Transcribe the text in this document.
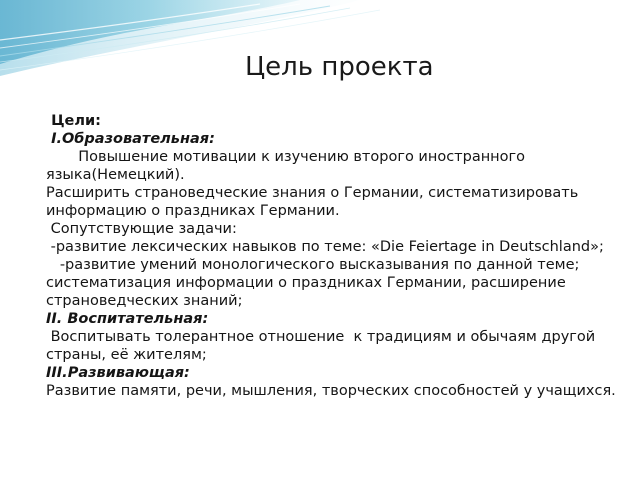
Цель проекта

Цели:

I.Образовательная:

Повышение мотивации к изучению второго иностранного языка(Немецкий).

Расширить страноведческие знания о Германии, систематизировать информацию о праздниках Германии.

Сопутствующие задачи:

-развитие лексических навыков по теме: «Die Feiertage in Deutschland»;

-развитие умений монологического высказывания по данной теме; систематизация информации о праздниках Германии, расширение страноведческих знаний;

II. Воспитательная:

Воспитывать толерантное отношение  к традициям и обычаям другой страны, её жителям;

III.Развивающая:

Развитие памяти, речи, мышления, творческих способностей у учащихся.
